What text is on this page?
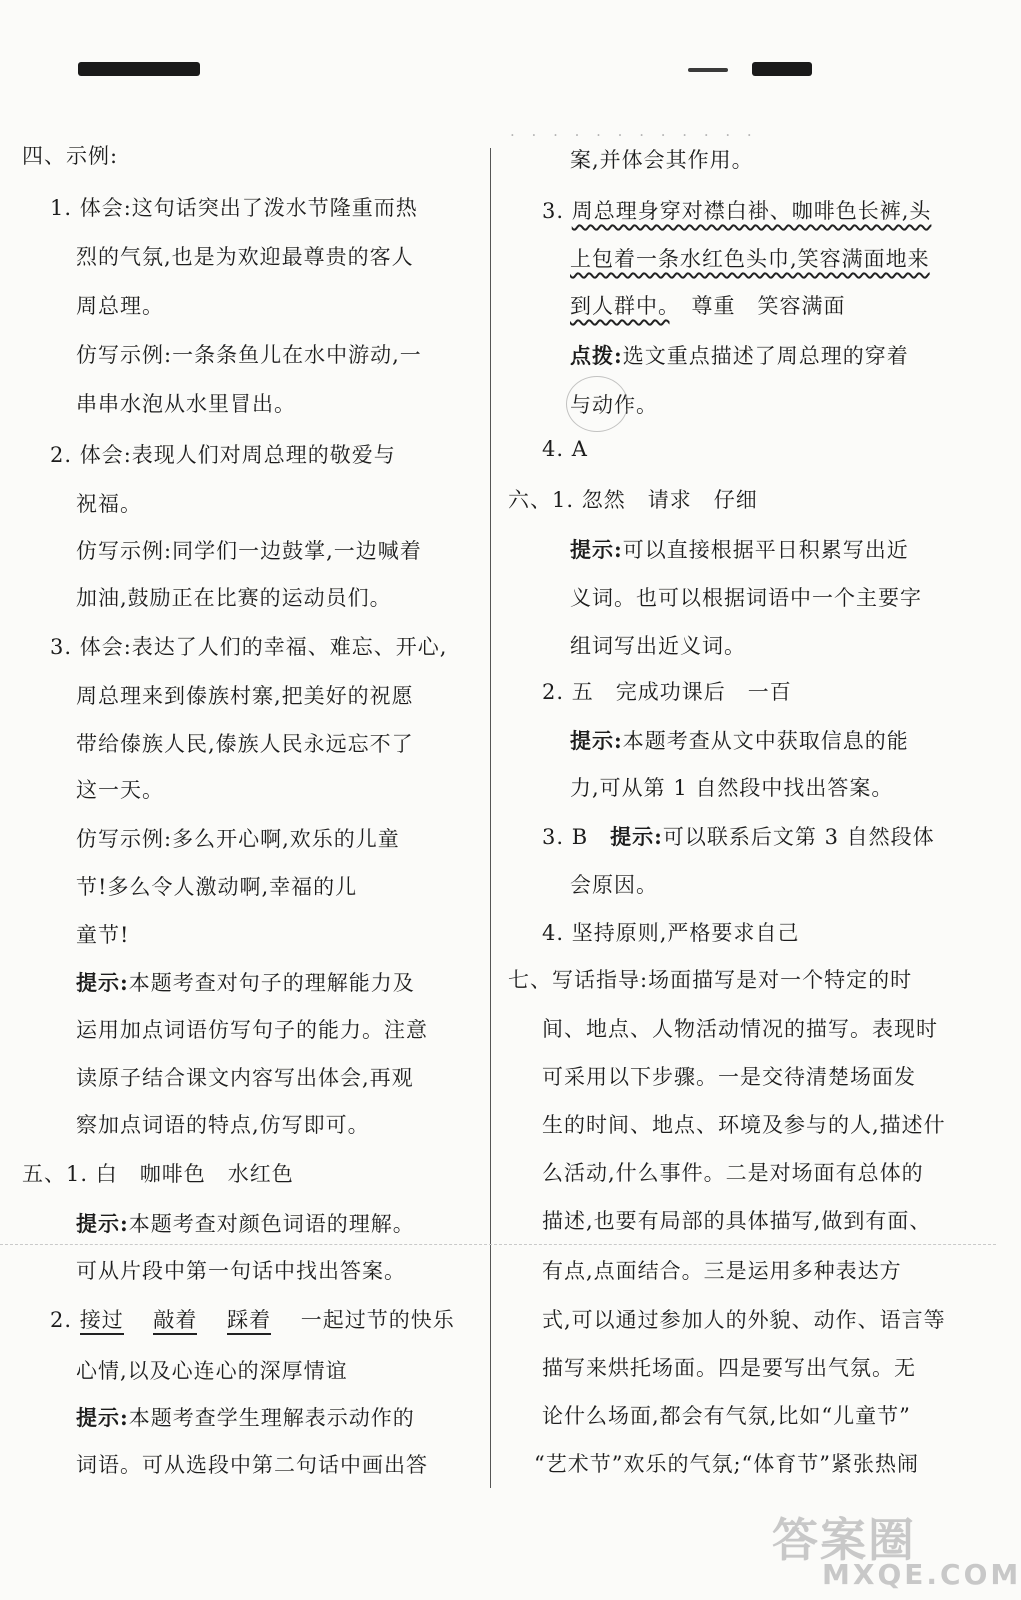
· · · · · · · · · · · ·
四、示例:
1. 体会:这句话突出了泼水节隆重而热
烈的气氛,也是为欢迎最尊贵的客人
周总理。
仿写示例:一条条鱼儿在水中游动,一
串串水泡从水里冒出。
2. 体会:表现人们对周总理的敬爱与
祝福。
仿写示例:同学们一边鼓掌,一边喊着
加油,鼓励正在比赛的运动员们。
3. 体会:表达了人们的幸福、难忘、开心,
周总理来到傣族村寨,把美好的祝愿
带给傣族人民,傣族人民永远忘不了
这一天。
仿写示例:多么开心啊,欢乐的儿童
节!多么令人激动啊,幸福的儿
童节!
提示:本题考查对句子的理解能力及
运用加点词语仿写句子的能力。注意
读原子结合课文内容写出体会,再观
察加点词语的特点,仿写即可。
五、1. 白　咖啡色　水红色
提示:本题考查对颜色词语的理解。
可从片段中第一句话中找出答案。
2. 接过　 敲着　 踩着　 一起过节的快乐
心情,以及心连心的深厚情谊
提示:本题考查学生理解表示动作的
词语。可从选段中第二句话中画出答
案,并体会其作用。
3. 周总理身穿对襟白褂、咖啡色长裤,头
上包着一条水红色头巾,笑容满面地来
到人群中。　 尊重　笑容满面
点拨:选文重点描述了周总理的穿着
与动作。
4. A
六、1. 忽然　请求　仔细
提示:可以直接根据平日积累写出近
义词。也可以根据词语中一个主要字
组词写出近义词。
2. 五　完成功课后　一百
提示:本题考查从文中获取信息的能
力,可从第 1 自然段中找出答案。
3. B　提示:可以联系后文第 3 自然段体
会原因。
4. 坚持原则,严格要求自己
七、写话指导:场面描写是对一个特定的时
间、地点、人物活动情况的描写。表现时
可采用以下步骤。一是交待清楚场面发
生的时间、地点、环境及参与的人,描述什
么活动,什么事件。二是对场面有总体的
描述,也要有局部的具体描写,做到有面、
有点,点面结合。三是运用多种表达方
式,可以通过参加人的外貌、动作、语言等
描写来烘托场面。四是要写出气氛。无
论什么场面,都会有气氛,比如“儿童节”
“艺术节”欢乐的气氛;“体育节”紧张热闹
答案圈
MXQE.COM
